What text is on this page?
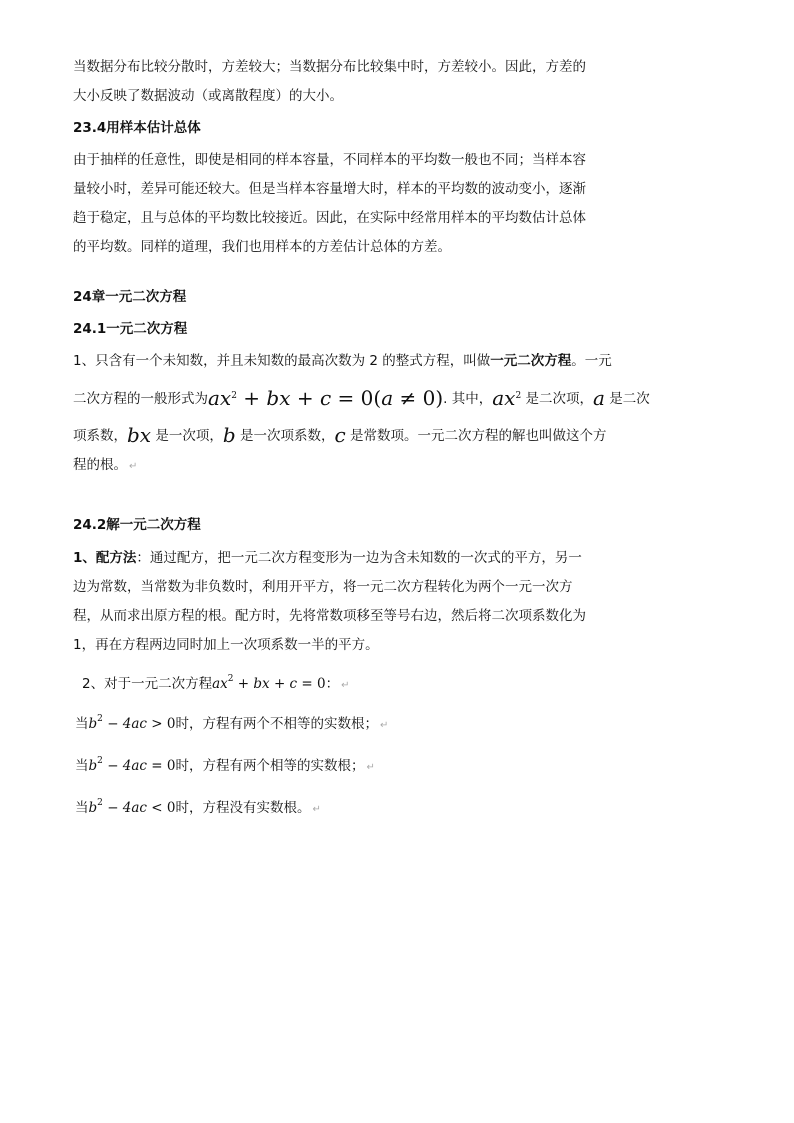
当数据分布比较分散时，方差较大；当数据分布比较集中时，方差较小。因此，方差的
大小反映了数据波动（或离散程度）的大小。
23.4用样本估计总体
由于抽样的任意性，即使是相同的样本容量，不同样本的平均数一般也不同；当样本容
量较小时，差异可能还较大。但是当样本容量增大时，样本的平均数的波动变小，逐渐
趋于稳定，且与总体的平均数比较接近。因此，在实际中经常用样本的平均数估计总体
的平均数。同样的道理，我们也用样本的方差估计总体的方差。
24章一元二次方程
24.1一元二次方程
1、只含有一个未知数，并且未知数的最高次数为 2 的整式方程，叫做一元二次方程。一元
二次方程的一般形式为$ax^2$ + bx + c = 0(a ≠ 0). 其中，$ax^2$ 是二次项，a 是二次
项系数，bx 是一次项，b 是一次项系数，c 是常数项。一元二次方程的解也叫做这个方
程的根。 ↵
24.2解一元二次方程
1、配方法：通过配方，把一元二次方程变形为一边为含未知数的一次式的平方，另一
边为常数，当常数为非负数时，利用开平方，将一元二次方程转化为两个一元一次方
程，从而求出原方程的根。配方时，先将常数项移至等号右边，然后将二次项系数化为
1，再在方程两边同时加上一次项系数一半的平方。
2、对于一元二次方程$ax^2$ + bx + c = 0： ↵
当$b^2 - 4ac > 0$时，方程有两个不相等的实数根； ↵
当$b^2 - 4ac = 0$时，方程有两个相等的实数根； ↵
当$b^2 - 4ac < 0$时，方程没有实数根。 ↵
